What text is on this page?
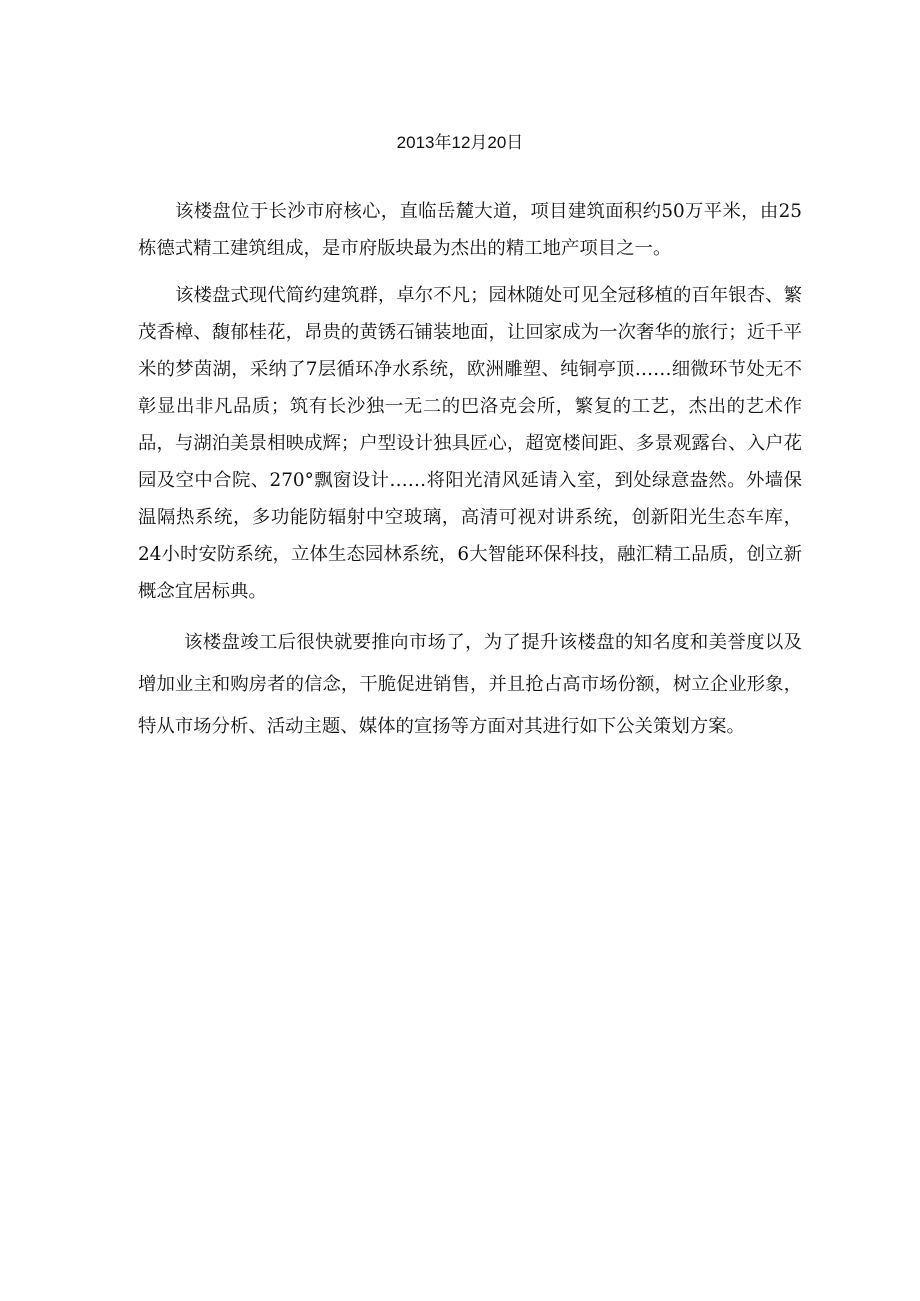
2013年12月20日

该楼盘位于长沙市府核心，直临岳麓大道，项目建筑面积约50万平米，由25栋德式精工建筑组成，是市府版块最为杰出的精工地产项目之一。

该楼盘式现代简约建筑群，卓尔不凡；园林随处可见全冠移植的百年银杏、繁茂香樟、馥郁桂花，昂贵的黄锈石铺装地面，让回家成为一次奢华的旅行；近千平米的梦茵湖，采纳了7层循环净水系统，欧洲雕塑、纯铜亭顶……细微环节处无不彰显出非凡品质；筑有长沙独一无二的巴洛克会所，繁复的工艺，杰出的艺术作品，与湖泊美景相映成辉；户型设计独具匠心，超宽楼间距、多景观露台、入户花园及空中合院、270°飘窗设计……将阳光清风延请入室，到处绿意盎然。外墙保温隔热系统，多功能防辐射中空玻璃，高清可视对讲系统，创新阳光生态车库，24小时安防系统，立体生态园林系统，6大智能环保科技，融汇精工品质，创立新概念宜居标典。

该楼盘竣工后很快就要推向市场了，为了提升该楼盘的知名度和美誉度以及增加业主和购房者的信念，干脆促进销售，并且抢占高市场份额，树立企业形象，特从市场分析、活动主题、媒体的宣扬等方面对其进行如下公关策划方案。
